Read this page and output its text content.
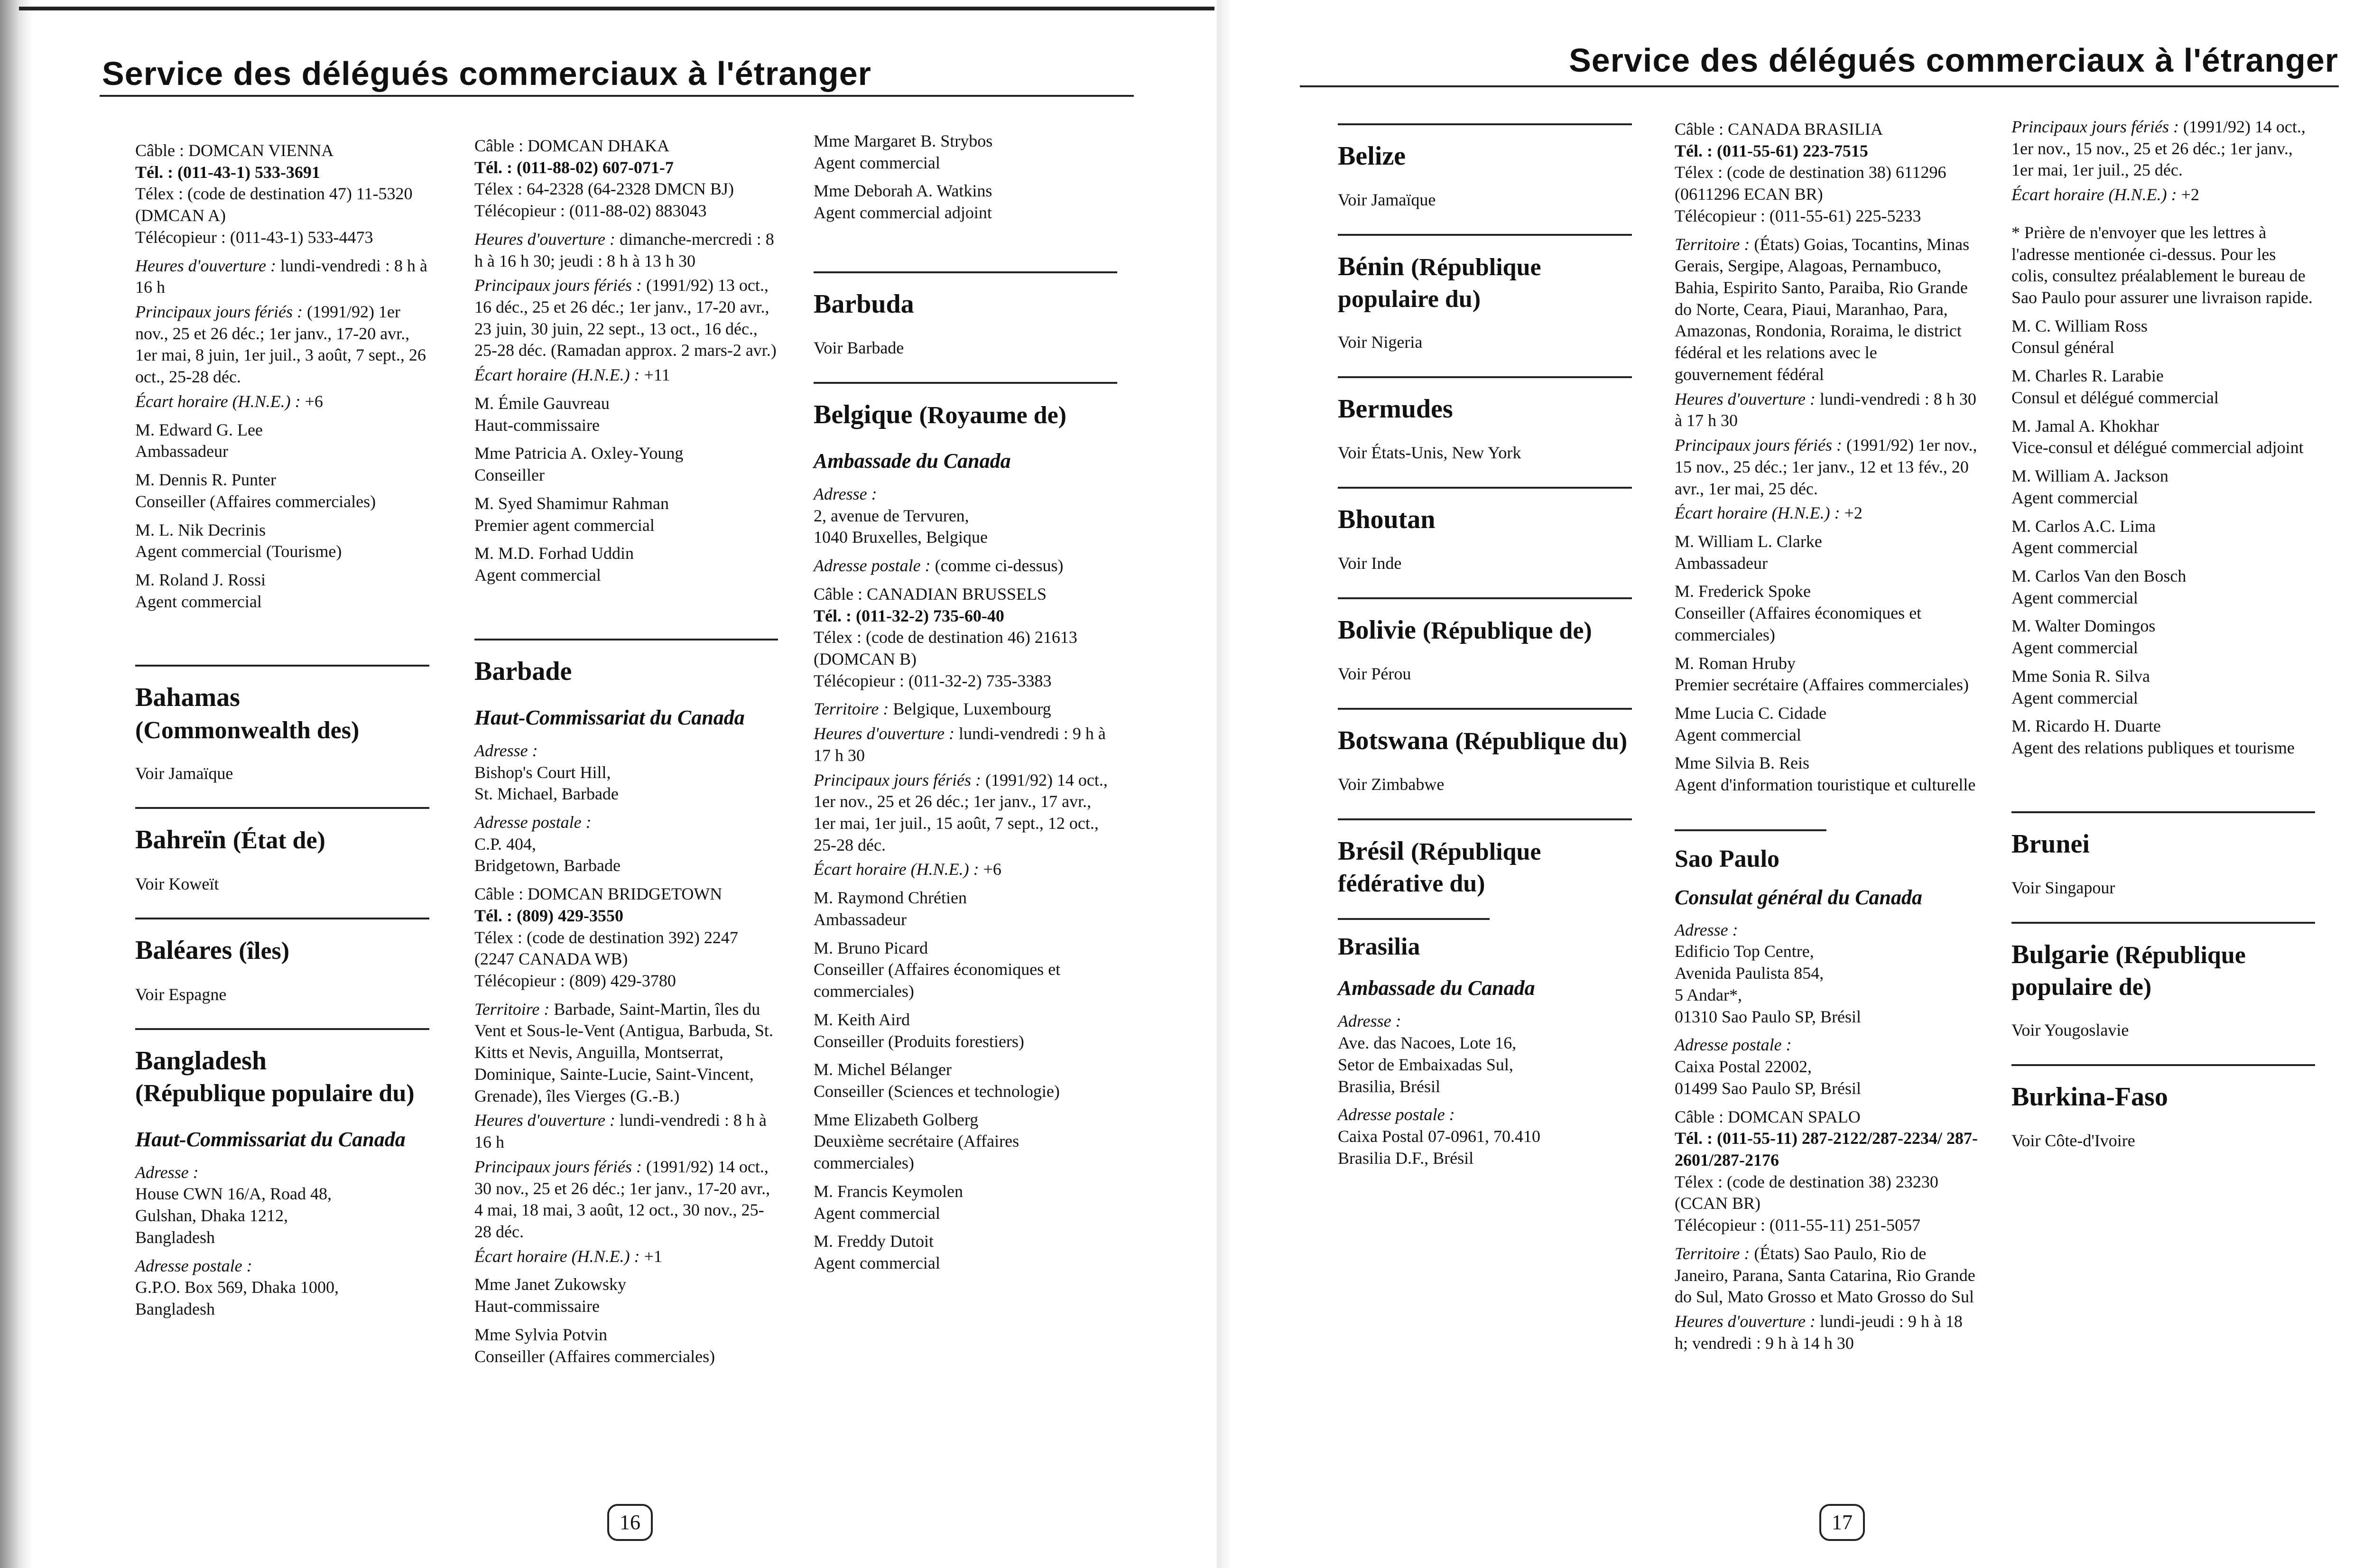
Service des délégués commerciaux à l'étranger

Câble : DOMCAN VIENNA

Tél. : (011-43-1) 533-3691

Télex : (code de destination 47) 11-5320 (DMCAN A)

Télécopieur : (011-43-1) 533-4473

Heures d'ouverture : lundi-vendredi : 8 h à 16 h

Principaux jours fériés : (1991/92) 1er nov., 25 et 26 déc.; 1er janv., 17-20 avr., 1er mai, 8 juin, 1er juil., 3 août, 7 sept., 26 oct., 25-28 déc.

Écart horaire (H.N.E.) : +6

M. Edward G. Lee

Ambassadeur

M. Dennis R. Punter

Conseiller (Affaires commerciales)

M. L. Nik Decrinis

Agent commercial (Tourisme)

M. Roland J. Rossi

Agent commercial

Bahamas
(Commonwealth des)

Voir Jamaïque

Bahreïn (État de)

Voir Koweït

Baléares (îles)

Voir Espagne

Bangladesh
(République populaire du)
Haut-Commissariat du Canada

Adresse :

House CWN 16/A, Road 48,

Gulshan, Dhaka 1212,

Bangladesh

Adresse postale :

G.P.O. Box 569, Dhaka 1000,

Bangladesh

Câble : DOMCAN DHAKA

Tél. : (011-88-02) 607-071-7

Télex : 64-2328 (64-2328 DMCN BJ)

Télécopieur : (011-88-02) 883043

Heures d'ouverture : dimanche-mercredi : 8 h à 16 h 30; jeudi : 8 h à 13 h 30

Principaux jours fériés : (1991/92) 13 oct., 16 déc., 25 et 26 déc.; 1er janv., 17-20 avr., 23 juin, 30 juin, 22 sept., 13 oct., 16 déc., 25-28 déc. (Ramadan approx. 2 mars-2 avr.)

Écart horaire (H.N.E.) : +11

M. Émile Gauvreau

Haut-commissaire

Mme Patricia A. Oxley-Young

Conseiller

M. Syed Shamimur Rahman

Premier agent commercial

M. M.D. Forhad Uddin

Agent commercial

Barbade
Haut-Commissariat du Canada

Adresse :

Bishop's Court Hill,

St. Michael, Barbade

Adresse postale :

C.P. 404,

Bridgetown, Barbade

Câble : DOMCAN BRIDGETOWN

Tél. : (809) 429-3550

Télex : (code de destination 392) 2247 (2247 CANADA WB)

Télécopieur : (809) 429-3780

Territoire : Barbade, Saint-Martin, îles du Vent et Sous-le-Vent (Antigua, Barbuda, St. Kitts et Nevis, Anguilla, Montserrat, Dominique, Sainte-Lucie, Saint-Vincent, Grenade), îles Vierges (G.-B.)

Heures d'ouverture : lundi-vendredi : 8 h à 16 h

Principaux jours fériés : (1991/92) 14 oct., 30 nov., 25 et 26 déc.; 1er janv., 17-20 avr., 4 mai, 18 mai, 3 août, 12 oct., 30 nov., 25-28 déc.

Écart horaire (H.N.E.) : +1

Mme Janet Zukowsky

Haut-commissaire

Mme Sylvia Potvin

Conseiller (Affaires commerciales)

Mme Margaret B. Strybos

Agent commercial

Mme Deborah A. Watkins

Agent commercial adjoint

Barbuda

Voir Barbade

Belgique (Royaume de)
Ambassade du Canada

Adresse :

2, avenue de Tervuren,

1040 Bruxelles, Belgique

Adresse postale : (comme ci-dessus)

Câble : CANADIAN BRUSSELS

Tél. : (011-32-2) 735-60-40

Télex : (code de destination 46) 21613 (DOMCAN B)

Télécopieur : (011-32-2) 735-3383

Territoire : Belgique, Luxembourg

Heures d'ouverture : lundi-vendredi : 9 h à 17 h 30

Principaux jours fériés : (1991/92) 14 oct., 1er nov., 25 et 26 déc.; 1er janv., 17 avr., 1er mai, 1er juil., 15 août, 7 sept., 12 oct., 25-28 déc.

Écart horaire (H.N.E.) : +6

M. Raymond Chrétien

Ambassadeur

M. Bruno Picard

Conseiller (Affaires économiques et commerciales)

M. Keith Aird

Conseiller (Produits forestiers)

M. Michel Bélanger

Conseiller (Sciences et technologie)

Mme Elizabeth Golberg

Deuxième secrétaire (Affaires commerciales)

M. Francis Keymolen

Agent commercial

M. Freddy Dutoit

Agent commercial

16
Service des délégués commerciaux à l'étranger
Belize

Voir Jamaïque

Bénin (République populaire du)

Voir Nigeria

Bermudes

Voir États-Unis, New York

Bhoutan

Voir Inde

Bolivie (République de)

Voir Pérou

Botswana (République du)

Voir Zimbabwe

Brésil (République fédérative du)
Brasilia
Ambassade du Canada

Adresse :

Ave. das Nacoes, Lote 16,

Setor de Embaixadas Sul,

Brasilia, Brésil

Adresse postale :

Caixa Postal 07-0961, 70.410

Brasilia D.F., Brésil

Câble : CANADA BRASILIA

Tél. : (011-55-61) 223-7515

Télex : (code de destination 38) 611296 (0611296 ECAN BR)

Télécopieur : (011-55-61) 225-5233

Territoire : (États) Goias, Tocantins, Minas Gerais, Sergipe, Alagoas, Pernambuco, Bahia, Espirito Santo, Paraiba, Rio Grande do Norte, Ceara, Piaui, Maranhao, Para, Amazonas, Rondonia, Roraima, le district fédéral et les relations avec le gouvernement fédéral

Heures d'ouverture : lundi-vendredi : 8 h 30 à 17 h 30

Principaux jours fériés : (1991/92) 1er nov., 15 nov., 25 déc.; 1er janv., 12 et 13 fév., 20 avr., 1er mai, 25 déc.

Écart horaire (H.N.E.) : +2

M. William L. Clarke

Ambassadeur

M. Frederick Spoke

Conseiller (Affaires économiques et commerciales)

M. Roman Hruby

Premier secrétaire (Affaires commerciales)

Mme Lucia C. Cidade

Agent commercial

Mme Silvia B. Reis

Agent d'information touristique et culturelle

Sao Paulo
Consulat général du Canada

Adresse :

Edificio Top Centre,

Avenida Paulista 854,

5 Andar*,

01310 Sao Paulo SP, Brésil

Adresse postale :

Caixa Postal 22002,

01499 Sao Paulo SP, Brésil

Câble : DOMCAN SPALO

Tél. : (011-55-11) 287-2122/287-2234/ 287-2601/287-2176

Télex : (code de destination 38) 23230 (CCAN BR)

Télécopieur : (011-55-11) 251-5057

Territoire : (États) Sao Paulo, Rio de Janeiro, Parana, Santa Catarina, Rio Grande do Sul, Mato Grosso et Mato Grosso do Sul

Heures d'ouverture : lundi-jeudi : 9 h à 18 h; vendredi : 9 h à 14 h 30

Principaux jours fériés : (1991/92) 14 oct., 1er nov., 15 nov., 25 et 26 déc.; 1er janv., 1er mai, 1er juil., 25 déc.

Écart horaire (H.N.E.) : +2

* Prière de n'envoyer que les lettres à l'adresse mentionée ci-dessus. Pour les colis, consultez préalablement le bureau de Sao Paulo pour assurer une livraison rapide.

M. C. William Ross

Consul général

M. Charles R. Larabie

Consul et délégué commercial

M. Jamal A. Khokhar

Vice-consul et délégué commercial adjoint

M. William A. Jackson

Agent commercial

M. Carlos A.C. Lima

Agent commercial

M. Carlos Van den Bosch

Agent commercial

M. Walter Domingos

Agent commercial

Mme Sonia R. Silva

Agent commercial

M. Ricardo H. Duarte

Agent des relations publiques et tourisme

Brunei

Voir Singapour

Bulgarie (République populaire de)

Voir Yougoslavie

Burkina-Faso

Voir Côte-d'Ivoire

17
